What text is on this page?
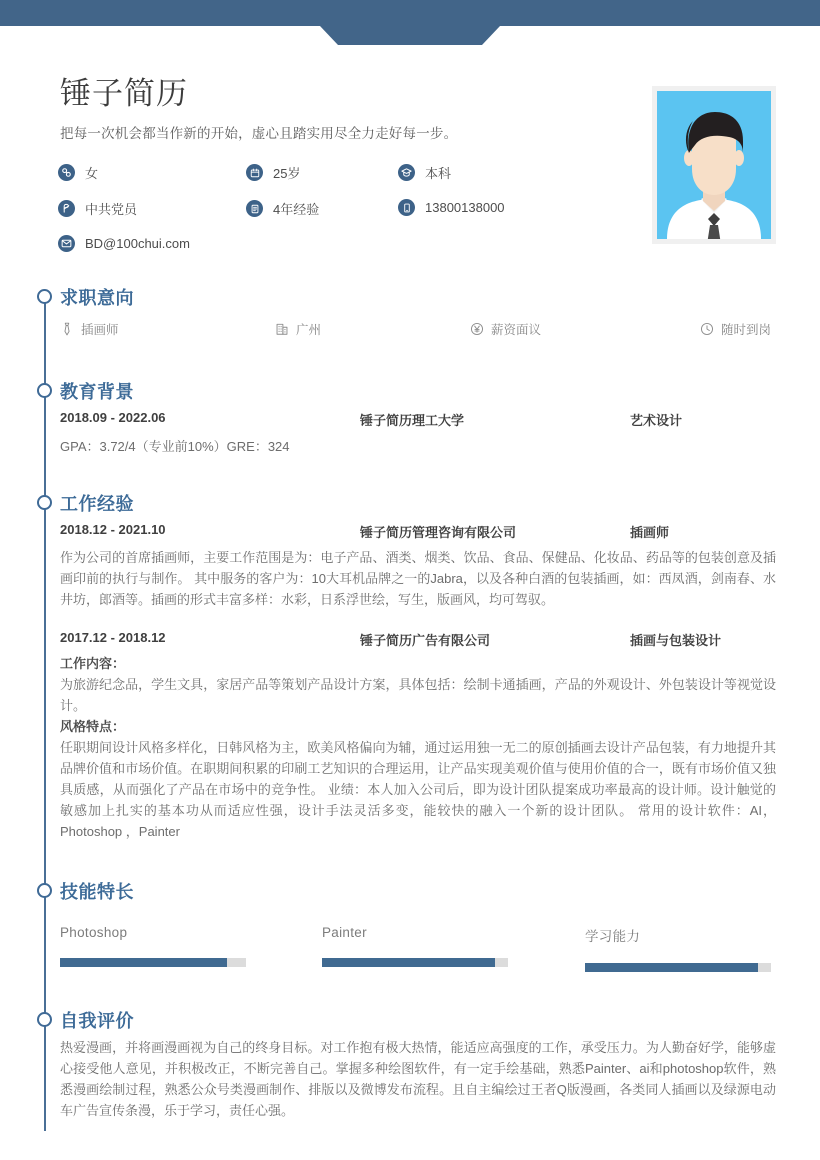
锤子简历
把每一次机会都当作新的开始，虚心且踏实用尽全力走好每一步。
女	25岁	本科
中共党员	4年经验	13800138000
BD@100chui.com
求职意向
插画师	广州	薪资面议	随时到岗
教育背景
2018.09 - 2022.06	锤子简历理工大学	艺术设计
GPA：3.72/4（专业前10%）GRE：324
工作经验
2018.12 - 2021.10	锤子简历管理咨询有限公司	插画师
作为公司的首席插画师，主要工作范围是为：电子产品、酒类、烟类、饮品、食品、保健品、化妆品、药品等的包装创意及插画印前的执行与制作。 其中服务的客户为：10大耳机品牌之一的Jabra，以及各种白酒的包装插画，如：西凤酒，剑南春、水井坊，郎酒等。插画的形式丰富多样：水彩，日系浮世绘，写生，版画风，均可驾驭。
2017.12 - 2018.12	锤子简历广告有限公司	插画与包装设计
工作内容：
为旅游纪念品，学生文具，家居产品等策划产品设计方案，具体包括：绘制卡通插画，产品的外观设计、外包装设计等视觉设计。
风格特点：
任职期间设计风格多样化，日韩风格为主，欧美风格偏向为辅，通过运用独一无二的原创插画去设计产品包装，有力地提升其品牌价值和市场价值。在职期间积累的印刷工艺知识的合理运用，让产品实现美观价值与使用价值的合一，既有市场价值又独具质感，从而强化了产品在市场中的竞争性。 业绩：本人加入公司后，即为设计团队提案成功率最高的设计师。设计触觉的敏感加上扎实的基本功从而适应性强，设计手法灵活多变，能较快的融入一个新的设计团队。 常用的设计软件：AI，Photoshop ，Painter
技能特长
Photoshop	Painter	学习能力
自我评价
热爱漫画，并将画漫画视为自己的终身目标。对工作抱有极大热情，能适应高强度的工作，承受压力。为人勤奋好学，能够虚心接受他人意见，并积极改正，不断完善自己。掌握多种绘图软件，有一定手绘基础，熟悉Painter、ai和photoshop软件，熟悉漫画绘制过程，熟悉公众号类漫画制作、排版以及微博发布流程。且自主编绘过王者Q版漫画，各类同人插画以及绿源电动车广告宣传条漫，乐于学习，责任心强。
